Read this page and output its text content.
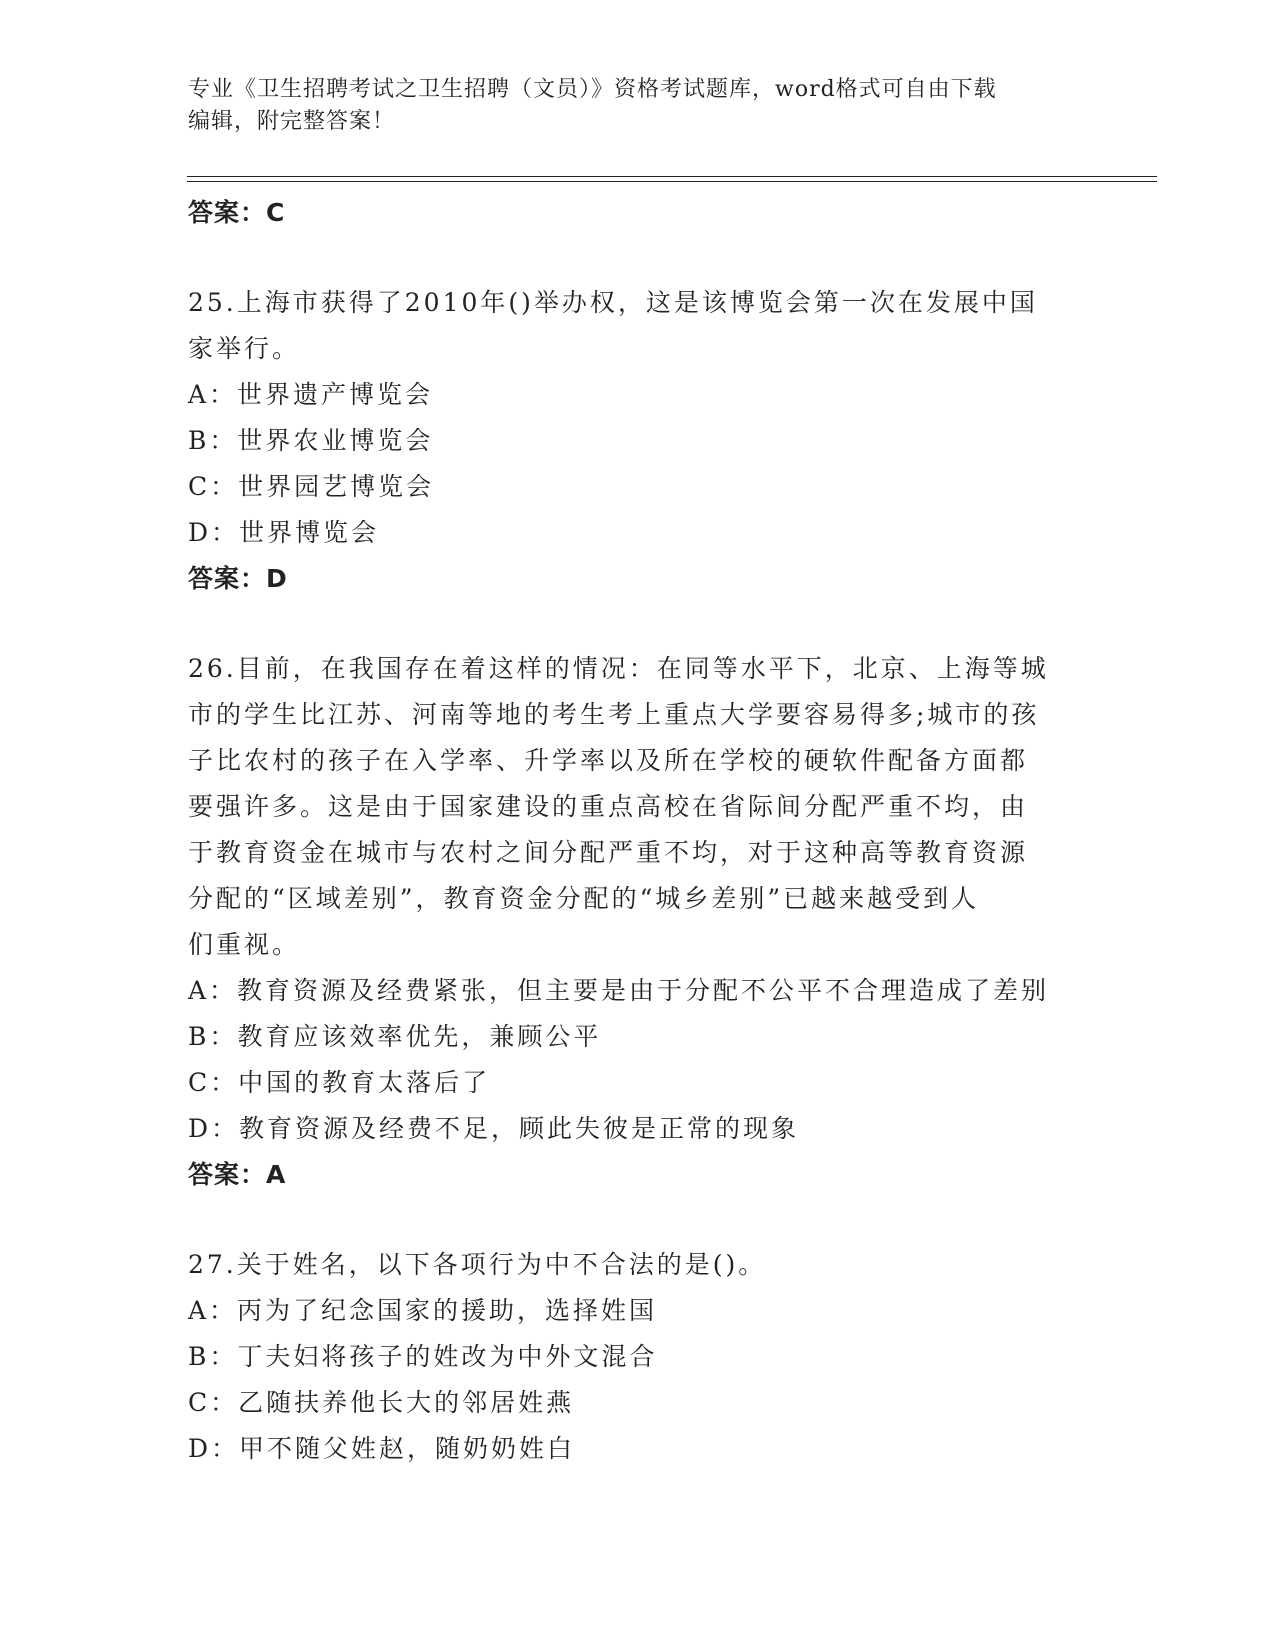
专业《卫生招聘考试之卫生招聘（文员）》资格考试题库，word格式可自由下载
编辑，附完整答案！
答案：C
25.上海市获得了2010年()举办权，这是该博览会第一次在发展中国
家举行。
A：世界遗产博览会
B：世界农业博览会
C：世界园艺博览会
D：世界博览会
答案：D
26.目前，在我国存在着这样的情况：在同等水平下，北京、上海等城
市的学生比江苏、河南等地的考生考上重点大学要容易得多;城市的孩
子比农村的孩子在入学率、升学率以及所在学校的硬软件配备方面都
要强许多。这是由于国家建设的重点高校在省际间分配严重不均，由
于教育资金在城市与农村之间分配严重不均，对于这种高等教育资源
分配的“区域差别”，教育资金分配的“城乡差别”已越来越受到人
们重视。
A：教育资源及经费紧张，但主要是由于分配不公平不合理造成了差别
B：教育应该效率优先，兼顾公平
C：中国的教育太落后了
D：教育资源及经费不足，顾此失彼是正常的现象
答案：A
27.关于姓名，以下各项行为中不合法的是()。
A：丙为了纪念国家的援助，选择姓国
B：丁夫妇将孩子的姓改为中外文混合
C：乙随扶养他长大的邻居姓燕
D：甲不随父姓赵，随奶奶姓白
